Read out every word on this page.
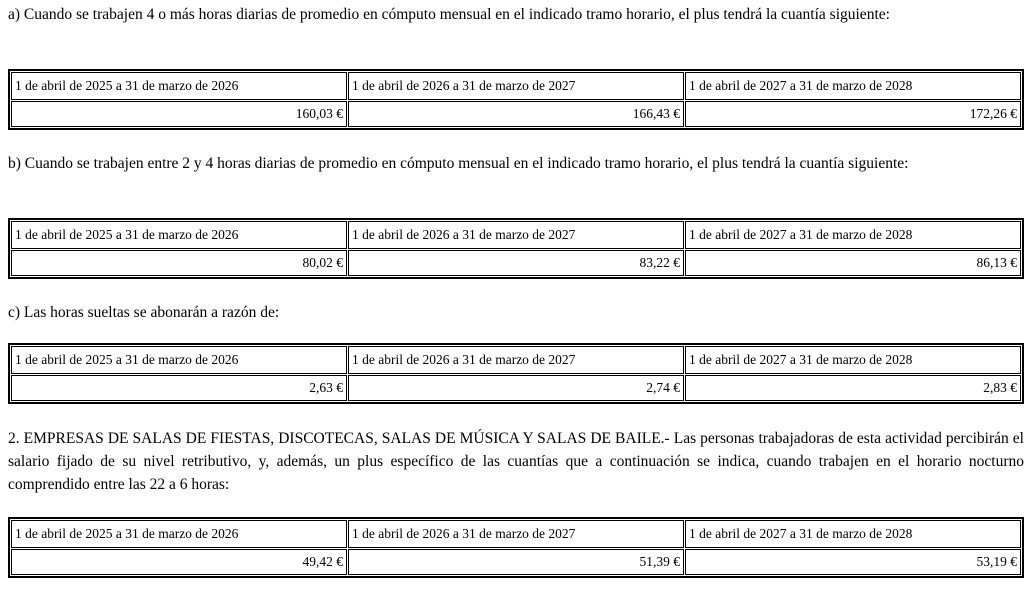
a) Cuando se trabajen 4 o más horas diarias de promedio en cómputo mensual en el indicado tramo horario, el plus tendrá la cuantía siguiente:

1 de abril de 2025 a 31 de marzo de 2026	1 de abril de 2026 a 31 de marzo de 2027	1 de abril de 2027 a 31 de marzo de 2028
160,03 €	166,43 €	172,26 €

b) Cuando se trabajen entre 2 y 4 horas diarias de promedio en cómputo mensual en el indicado tramo horario, el plus tendrá la cuantía siguiente:

1 de abril de 2025 a 31 de marzo de 2026	1 de abril de 2026 a 31 de marzo de 2027	1 de abril de 2027 a 31 de marzo de 2028
80,02 €	83,22 €	86,13 €

c) Las horas sueltas se abonarán a razón de:

1 de abril de 2025 a 31 de marzo de 2026	1 de abril de 2026 a 31 de marzo de 2027	1 de abril de 2027 a 31 de marzo de 2028
2,63 €	2,74 €	2,83 €

2. EMPRESAS DE SALAS DE FIESTAS, DISCOTECAS, SALAS DE MÚSICA Y SALAS DE BAILE.- Las personas trabajadoras de esta actividad percibirán el salario fijado de su nivel retributivo, y, además, un plus específico de las cuantías que a continuación se indica, cuando trabajen en el horario nocturno comprendido entre las 22 a 6 horas:

1 de abril de 2025 a 31 de marzo de 2026	1 de abril de 2026 a 31 de marzo de 2027	1 de abril de 2027 a 31 de marzo de 2028
49,42 €	51,39 €	53,19 €
